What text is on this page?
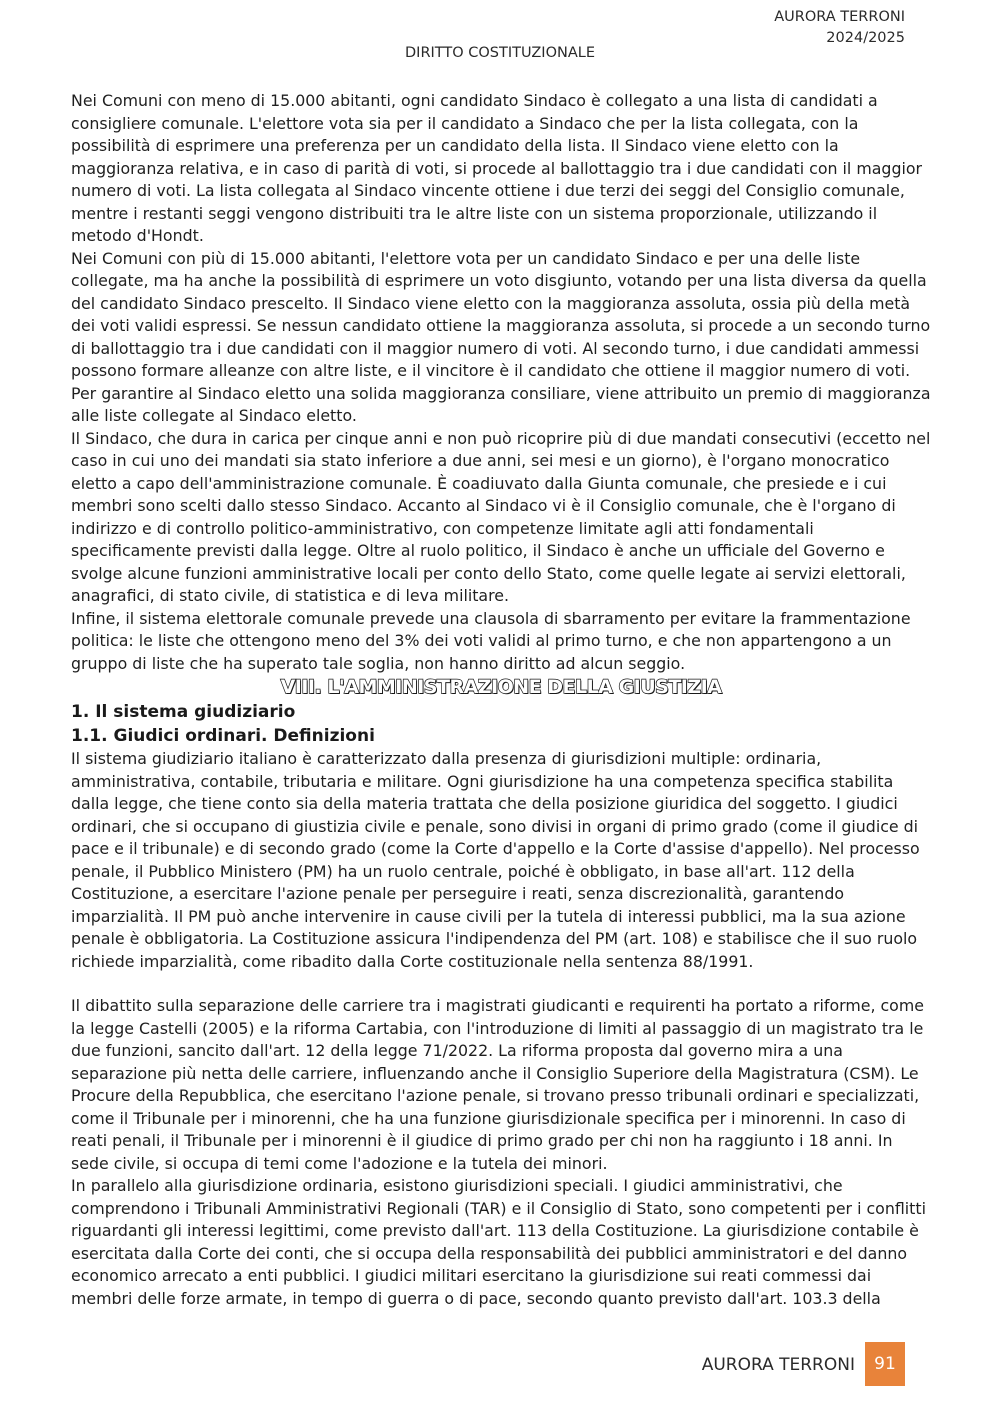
AURORA TERRONI
2024/2025
DIRITTO COSTITUZIONALE

Nei Comuni con meno di 15.000 abitanti, ogni candidato Sindaco è collegato a una lista di candidati a consigliere comunale. L'elettore vota sia per il candidato a Sindaco che per la lista collegata, con la possibilità di esprimere una preferenza per un candidato della lista. Il Sindaco viene eletto con la maggioranza relativa, e in caso di parità di voti, si procede al ballottaggio tra i due candidati con il maggior numero di voti. La lista collegata al Sindaco vincente ottiene i due terzi dei seggi del Consiglio comunale, mentre i restanti seggi vengono distribuiti tra le altre liste con un sistema proporzionale, utilizzando il metodo d'Hondt.

Nei Comuni con più di 15.000 abitanti, l'elettore vota per un candidato Sindaco e per una delle liste collegate, ma ha anche la possibilità di esprimere un voto disgiunto, votando per una lista diversa da quella del candidato Sindaco prescelto. Il Sindaco viene eletto con la maggioranza assoluta, ossia più della metà dei voti validi espressi. Se nessun candidato ottiene la maggioranza assoluta, si procede a un secondo turno di ballottaggio tra i due candidati con il maggior numero di voti. Al secondo turno, i due candidati ammessi possono formare alleanze con altre liste, e il vincitore è il candidato che ottiene il maggior numero di voti. Per garantire al Sindaco eletto una solida maggioranza consiliare, viene attribuito un premio di maggioranza alle liste collegate al Sindaco eletto.

Il Sindaco, che dura in carica per cinque anni e non può ricoprire più di due mandati consecutivi (eccetto nel caso in cui uno dei mandati sia stato inferiore a due anni, sei mesi e un giorno), è l'organo monocratico eletto a capo dell'amministrazione comunale. È coadiuvato dalla Giunta comunale, che presiede e i cui membri sono scelti dallo stesso Sindaco. Accanto al Sindaco vi è il Consiglio comunale, che è l'organo di indirizzo e di controllo politico-amministrativo, con competenze limitate agli atti fondamentali specificamente previsti dalla legge. Oltre al ruolo politico, il Sindaco è anche un ufficiale del Governo e svolge alcune funzioni amministrative locali per conto dello Stato, come quelle legate ai servizi elettorali, anagrafici, di stato civile, di statistica e di leva militare.

Infine, il sistema elettorale comunale prevede una clausola di sbarramento per evitare la frammentazione politica: le liste che ottengono meno del 3% dei voti validi al primo turno, e che non appartengono a un gruppo di liste che ha superato tale soglia, non hanno diritto ad alcun seggio.

VIII. L'AMMINISTRAZIONE DELLA GIUSTIZIA
1. Il sistema giudiziario
1.1. Giudici ordinari. Definizioni

Il sistema giudiziario italiano è caratterizzato dalla presenza di giurisdizioni multiple: ordinaria, amministrativa, contabile, tributaria e militare. Ogni giurisdizione ha una competenza specifica stabilita dalla legge, che tiene conto sia della materia trattata che della posizione giuridica del soggetto. I giudici ordinari, che si occupano di giustizia civile e penale, sono divisi in organi di primo grado (come il giudice di pace e il tribunale) e di secondo grado (come la Corte d'appello e la Corte d'assise d'appello). Nel processo penale, il Pubblico Ministero (PM) ha un ruolo centrale, poiché è obbligato, in base all'art. 112 della Costituzione, a esercitare l'azione penale per perseguire i reati, senza discrezionalità, garantendo imparzialità. Il PM può anche intervenire in cause civili per la tutela di interessi pubblici, ma la sua azione penale è obbligatoria. La Costituzione assicura l'indipendenza del PM (art. 108) e stabilisce che il suo ruolo richiede imparzialità, come ribadito dalla Corte costituzionale nella sentenza 88/1991.

Il dibattito sulla separazione delle carriere tra i magistrati giudicanti e requirenti ha portato a riforme, come la legge Castelli (2005) e la riforma Cartabia, con l'introduzione di limiti al passaggio di un magistrato tra le due funzioni, sancito dall'art. 12 della legge 71/2022. La riforma proposta dal governo mira a una separazione più netta delle carriere, influenzando anche il Consiglio Superiore della Magistratura (CSM). Le Procure della Repubblica, che esercitano l'azione penale, si trovano presso tribunali ordinari e specializzati, come il Tribunale per i minorenni, che ha una funzione giurisdizionale specifica per i minorenni. In caso di reati penali, il Tribunale per i minorenni è il giudice di primo grado per chi non ha raggiunto i 18 anni. In sede civile, si occupa di temi come l'adozione e la tutela dei minori.

In parallelo alla giurisdizione ordinaria, esistono giurisdizioni speciali. I giudici amministrativi, che comprendono i Tribunali Amministrativi Regionali (TAR) e il Consiglio di Stato, sono competenti per i conflitti riguardanti gli interessi legittimi, come previsto dall'art. 113 della Costituzione. La giurisdizione contabile è esercitata dalla Corte dei conti, che si occupa della responsabilità dei pubblici amministratori e del danno economico arrecato a enti pubblici. I giudici militari esercitano la giurisdizione sui reati commessi dai membri delle forze armate, in tempo di guerra o di pace, secondo quanto previsto dall'art. 103.3 della

AURORA TERRONI	91
